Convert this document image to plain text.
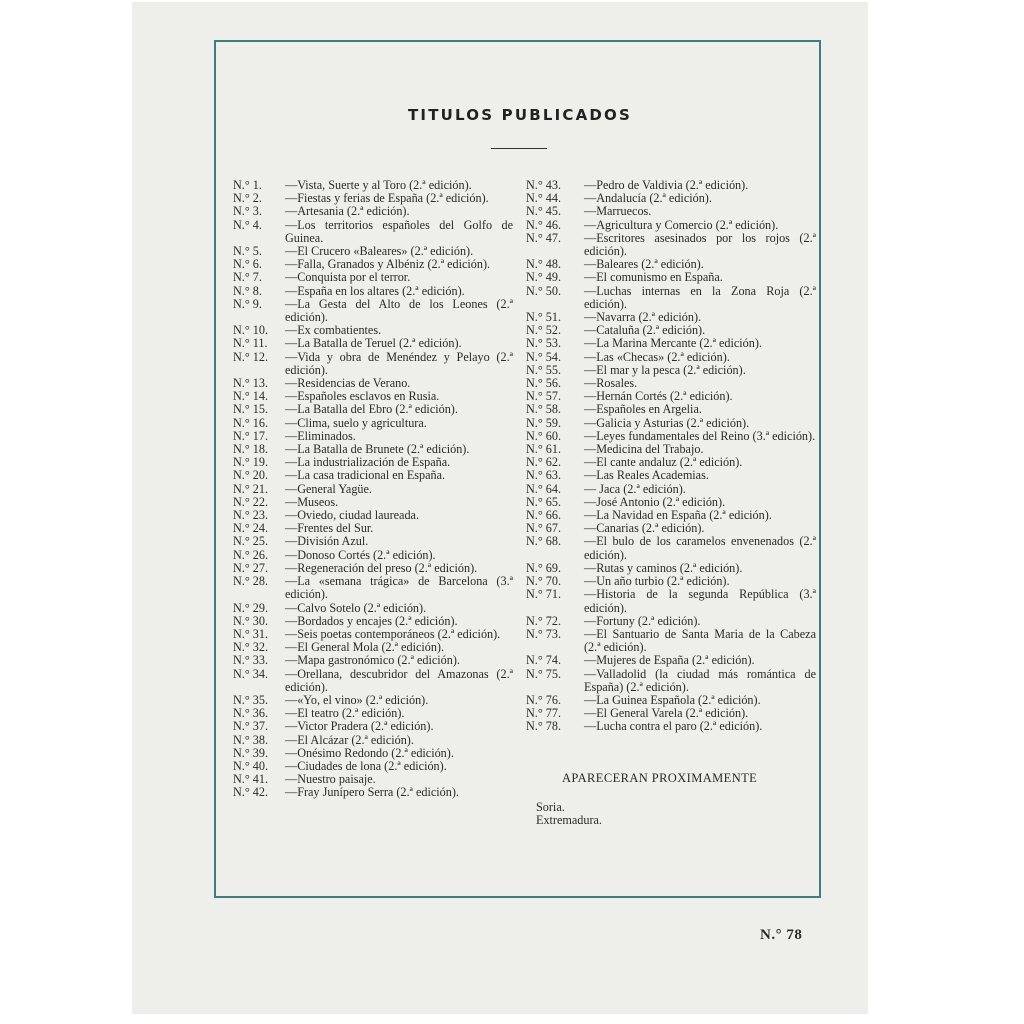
TITULOS PUBLICADOS
N.° 1.	—Vista, Suerte y al Toro (2.ª edición).
N.° 2.	—Fiestas y ferias de España (2.ª edición).
N.° 3.	—Artesania (2.ª edición).
N.° 4.	—Los territorios españoles del Golfo de Guinea.
N.° 5.	—El Crucero «Baleares» (2.ª edición).
N.° 6.	—Falla, Granados y Albéniz (2.ª edición).
N.° 7.	—Conquista por el terror.
N.° 8.	—España en los altares (2.ª edición).
N.° 9.	—La Gesta del Alto de los Leones (2.ª edición).
N.° 10.	—Ex combatientes.
N.° 11.	—La Batalla de Teruel (2.ª edición).
N.° 12.	—Vida y obra de Menéndez y Pelayo (2.ª edición).
N.° 13.	—Residencias de Verano.
N.° 14.	—Españoles esclavos en Rusia.
N.° 15.	—La Batalla del Ebro (2.ª edición).
N.° 16.	—Clima, suelo y agricultura.
N.° 17.	—Eliminados.
N.° 18.	—La Batalla de Brunete (2.ª edición).
N.° 19.	—La industrialización de España.
N.° 20.	—La casa tradicional en España.
N.° 21.	—General Yagüe.
N.° 22.	—Museos.
N.° 23.	—Oviedo, ciudad laureada.
N.° 24.	—Frentes del Sur.
N.° 25.	—División Azul.
N.° 26.	—Donoso Cortés (2.ª edición).
N.° 27.	—Regeneración del preso (2.ª edición).
N.° 28.	—La «semana trágica» de Barcelona (3.ª edición).
N.° 29.	—Calvo Sotelo (2.ª edición).
N.° 30.	—Bordados y encajes (2.ª edición).
N.° 31.	—Seis poetas contemporáneos (2.ª edición).
N.° 32.	—El General Mola (2.ª edición).
N.° 33.	—Mapa gastronómico (2.ª edición).
N.° 34.	—Orellana, descubridor del Amazonas (2.ª edición).
N.° 35.	—«Yo, el vino» (2.ª edición).
N.° 36.	—El teatro (2.ª edición).
N.° 37.	—Victor Pradera (2.ª edición).
N.° 38.	—El Alcázar (2.ª edición).
N.° 39.	—Onésimo Redondo (2.ª edición).
N.° 40.	—Ciudades de lona (2.ª edición).
N.° 41.	—Nuestro paisaje.
N.° 42.	—Fray Junípero Serra (2.ª edición).
N.° 43.	—Pedro de Valdivia (2.ª edición).
N.° 44.	—Andalucía (2.ª edición).
N.° 45.	—Marruecos.
N.° 46.	—Agricultura y Comercio (2.ª edición).
N.° 47.	—Escritores asesinados por los rojos (2.ª edición).
N.° 48.	—Baleares (2.ª edición).
N.° 49.	—El comunismo en España.
N.° 50.	—Luchas internas en la Zona Roja (2.ª edición).
N.° 51.	—Navarra (2.ª edición).
N.° 52.	—Cataluña (2.ª edición).
N.° 53.	—La Marina Mercante (2.ª edición).
N.° 54.	—Las «Checas» (2.ª edición).
N.° 55.	—El mar y la pesca (2.ª edición).
N.° 56.	—Rosales.
N.° 57.	—Hernán Cortés (2.ª edición).
N.° 58.	—Españoles en Argelia.
N.° 59.	—Galicia y Asturias (2.ª edición).
N.° 60.	—Leyes fundamentales del Reino (3.ª edición).
N.° 61.	—Medicina del Trabajo.
N.° 62.	—El cante andaluz (2.ª edición).
N.° 63.	—Las Reales Academias.
N.° 64.	— Jaca (2.ª edición).
N.° 65.	—José Antonio (2.ª edición).
N.° 66.	—La Navidad en España (2.ª edición).
N.° 67.	—Canarias (2.ª edición).
N.° 68.	—El bulo de los caramelos envenenados (2.ª edición).
N.° 69.	—Rutas y caminos (2.ª edición).
N.° 70.	—Un año turbio (2.ª edición).
N.° 71.	—Historia de la segunda República (3.ª edición).
N.° 72.	—Fortuny (2.ª edición).
N.° 73.	—El Santuario de Santa Maria de la Cabeza (2.ª edición).
N.° 74.	—Mujeres de España (2.ª edición).
N.° 75.	—Valladolid (la ciudad más romántica de España) (2.ª edición).
N.° 76.	—La Guinea Española (2.ª edición).
N.° 77.	—El General Varela (2.ª edición).
N.° 78.	—Lucha contra el paro (2.ª edición).
APARECERAN PROXIMAMENTE
Soria.
Extremadura.
N.° 78
